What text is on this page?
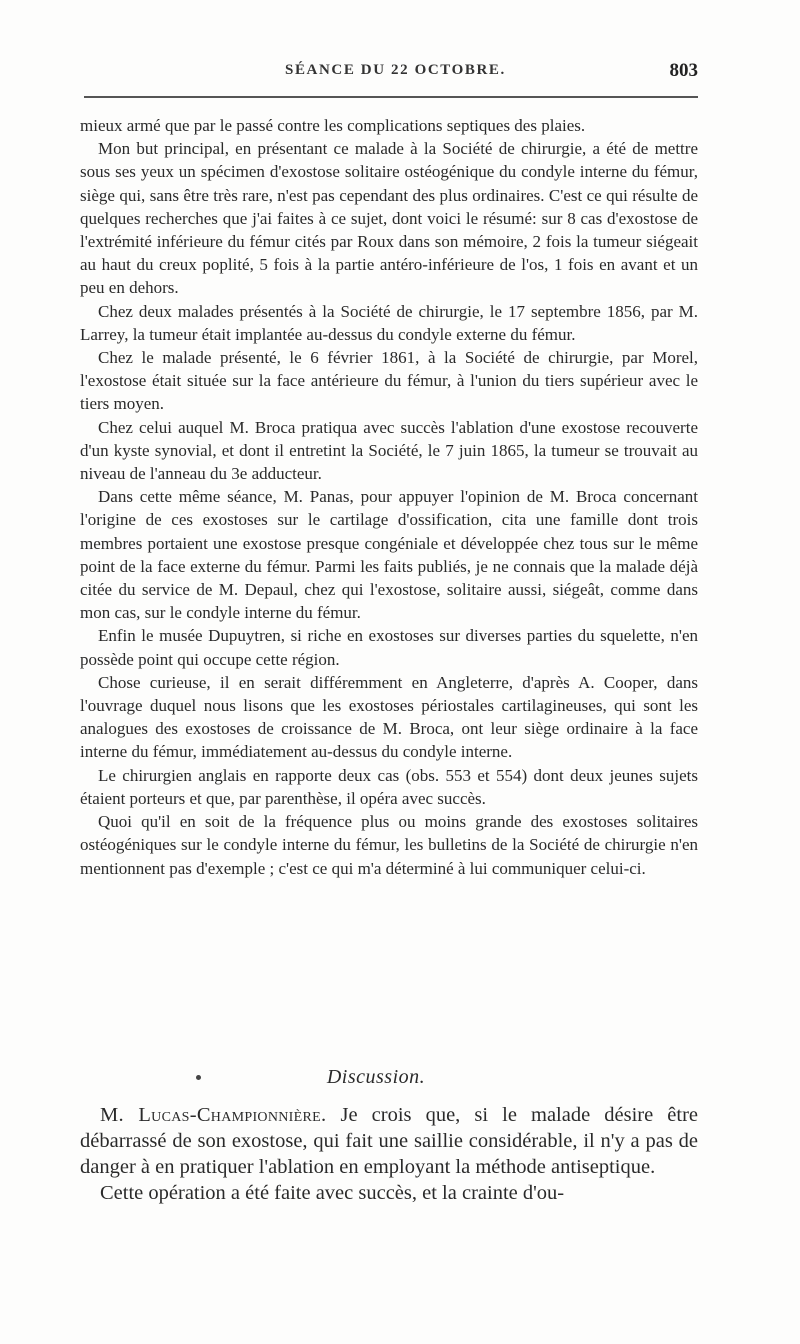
SÉANCE DU 22 OCTOBRE.	803

mieux armé que par le passé contre les complications septiques des plaies.

Mon but principal, en présentant ce malade à la Société de chirurgie, a été de mettre sous ses yeux un spécimen d'exostose solitaire ostéogénique du condyle interne du fémur, siège qui, sans être très rare, n'est pas cependant des plus ordinaires. C'est ce qui résulte de quelques recherches que j'ai faites à ce sujet, dont voici le résumé: sur 8 cas d'exostose de l'extrémité inférieure du fémur cités par Roux dans son mémoire, 2 fois la tumeur siégeait au haut du creux poplité, 5 fois à la partie antéro-inférieure de l'os, 1 fois en avant et un peu en dehors.

Chez deux malades présentés à la Société de chirurgie, le 17 septembre 1856, par M. Larrey, la tumeur était implantée au-dessus du condyle externe du fémur.

Chez le malade présenté, le 6 février 1861, à la Société de chirurgie, par Morel, l'exostose était située sur la face antérieure du fémur, à l'union du tiers supérieur avec le tiers moyen.

Chez celui auquel M. Broca pratiqua avec succès l'ablation d'une exostose recouverte d'un kyste synovial, et dont il entretint la Société, le 7 juin 1865, la tumeur se trouvait au niveau de l'anneau du 3e adducteur.

Dans cette même séance, M. Panas, pour appuyer l'opinion de M. Broca concernant l'origine de ces exostoses sur le cartilage d'ossification, cita une famille dont trois membres portaient une exostose presque congéniale et développée chez tous sur le même point de la face externe du fémur. Parmi les faits publiés, je ne connais que la malade déjà citée du service de M. Depaul, chez qui l'exostose, solitaire aussi, siégeât, comme dans mon cas, sur le condyle interne du fémur.

Enfin le musée Dupuytren, si riche en exostoses sur diverses parties du squelette, n'en possède point qui occupe cette région.

Chose curieuse, il en serait différemment en Angleterre, d'après A. Cooper, dans l'ouvrage duquel nous lisons que les exostoses périostales cartilagineuses, qui sont les analogues des exostoses de croissance de M. Broca, ont leur siège ordinaire à la face interne du fémur, immédiatement au-dessus du condyle interne.

Le chirurgien anglais en rapporte deux cas (obs. 553 et 554) dont deux jeunes sujets étaient porteurs et que, par parenthèse, il opéra avec succès.

Quoi qu'il en soit de la fréquence plus ou moins grande des exostoses solitaires ostéogéniques sur le condyle interne du fémur, les bulletins de la Société de chirurgie n'en mentionnent pas d'exemple ; c'est ce qui m'a déterminé à lui communiquer celui-ci.

Discussion.

M. Lucas-Championnière. Je crois que, si le malade désire être débarrassé de son exostose, qui fait une saillie considérable, il n'y a pas de danger à en pratiquer l'ablation en employant la méthode antiseptique.

Cette opération a été faite avec succès, et la crainte d'ou-
